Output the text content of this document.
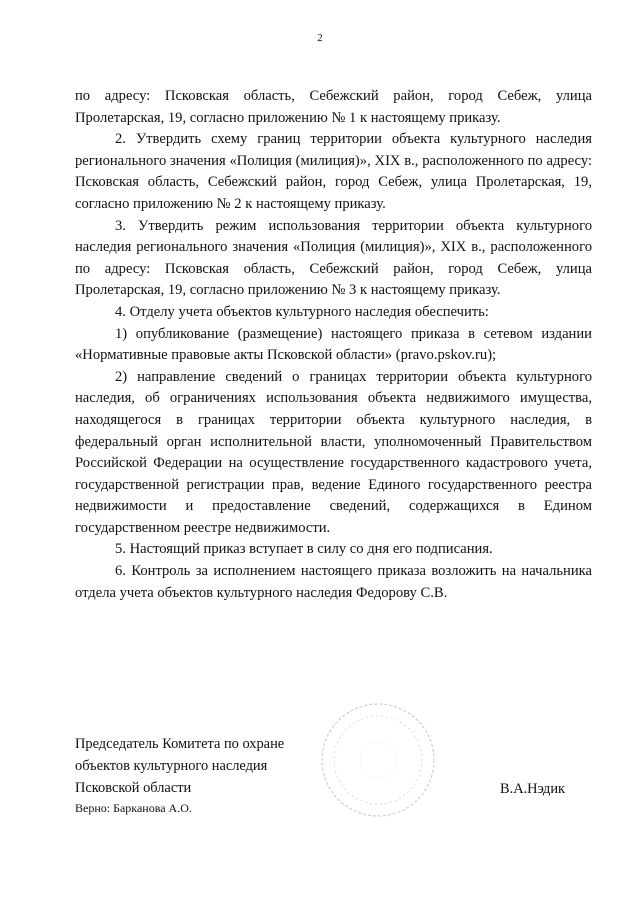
2

по адресу: Псковская область, Себежский район, город Себеж, улица Пролетарская, 19, согласно приложению № 1 к настоящему приказу.

2. Утвердить схему границ территории объекта культурного наследия регионального значения «Полиция (милиция)», XIX в., расположенного по адресу: Псковская область, Себежский район, город Себеж, улица Пролетарская, 19, согласно приложению № 2 к настоящему приказу.

3. Утвердить режим использования территории объекта культурного наследия регионального значения «Полиция (милиция)», XIX в., расположенного по адресу: Псковская область, Себежский район, город Себеж, улица Пролетарская, 19, согласно приложению № 3 к настоящему приказу.

4. Отделу учета объектов культурного наследия обеспечить:

1) опубликование (размещение) настоящего приказа в сетевом издании «Нормативные правовые акты Псковской области» (pravo.pskov.ru);

2) направление сведений о границах территории объекта культурного наследия, об ограничениях использования объекта недвижимого имущества, находящегося в границах территории объекта культурного наследия, в федеральный орган исполнительной власти, уполномоченный Правительством Российской Федерации на осуществление государственного кадастрового учета, государственной регистрации прав, ведение Единого государственного реестра недвижимости и предоставление сведений, содержащихся в Едином государственном реестре недвижимости.

5. Настоящий приказ вступает в силу со дня его подписания.

6. Контроль за исполнением настоящего приказа возложить на начальника отдела учета объектов культурного наследия Федорову С.В.

Председатель Комитета по охране
объектов культурного наследия
Псковской области	В.А.Нэдик
Верно: Барканова А.О.
